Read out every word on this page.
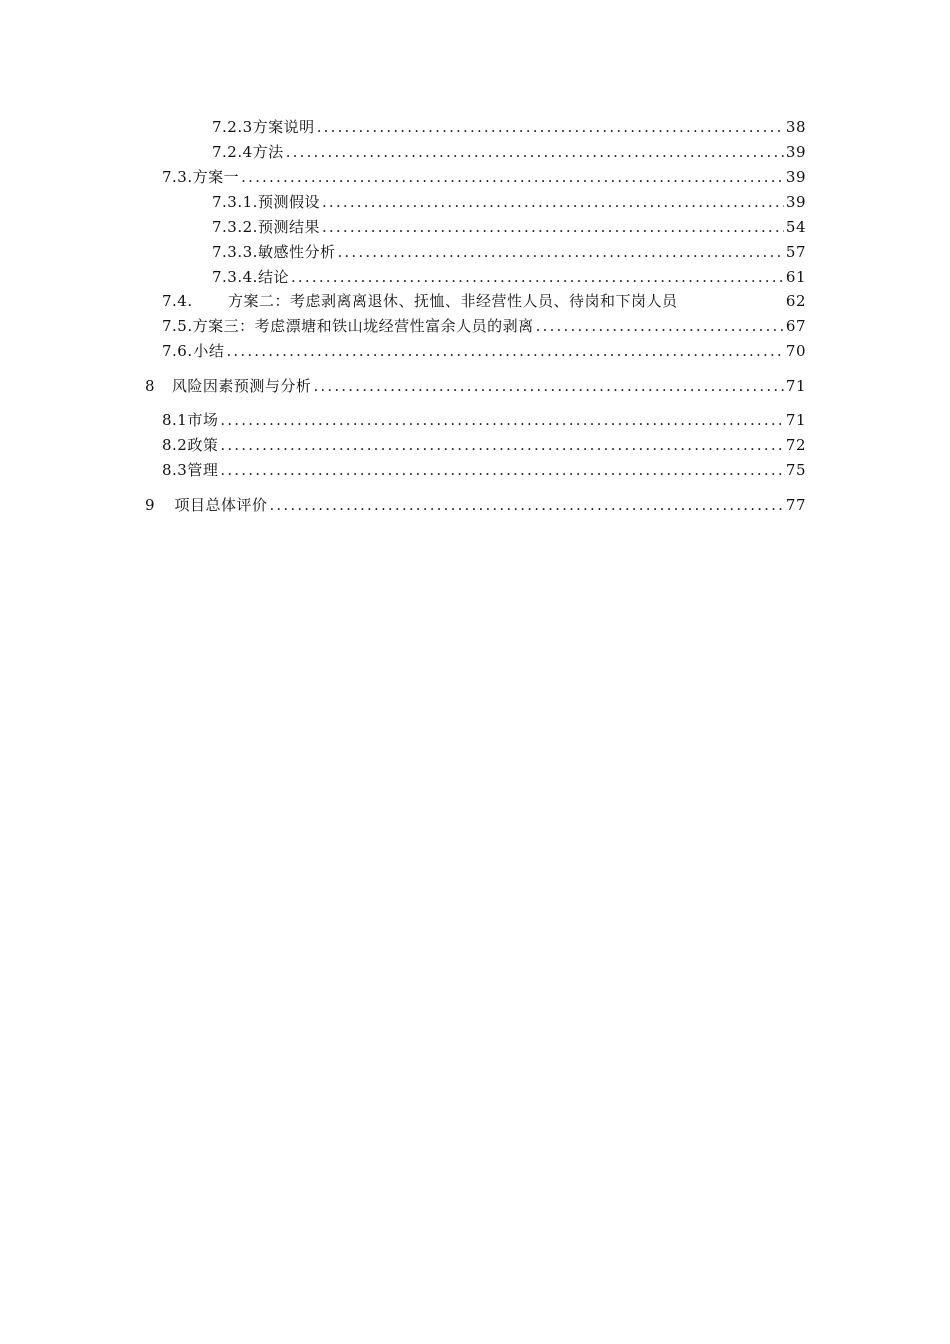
7.2.3 方案说明 .....	38
7.2.4 方法 .....	39
7.3. 方案一 .....	39
7.3.1. 预测假设 .....	39
7.3.2. 预测结果 .....	54
7.3.3. 敏感性分析 .....	57
7.3.4. 结论 .....	61
7.4.	方案二：考虑剥离离退休、抚恤、非经营性人员、待岗和下岗人员	62
7.5. 方案三：考虑漂塘和铁山垅经营性富余人员的剥离 .....	67
7.6. 小结 .....	70
8	风险因素预测与分析 .....	71
8.1 市场 .....	71
8.2 政策 .....	72
8.3 管理 .....	75
9	项目总体评价 .....	77
